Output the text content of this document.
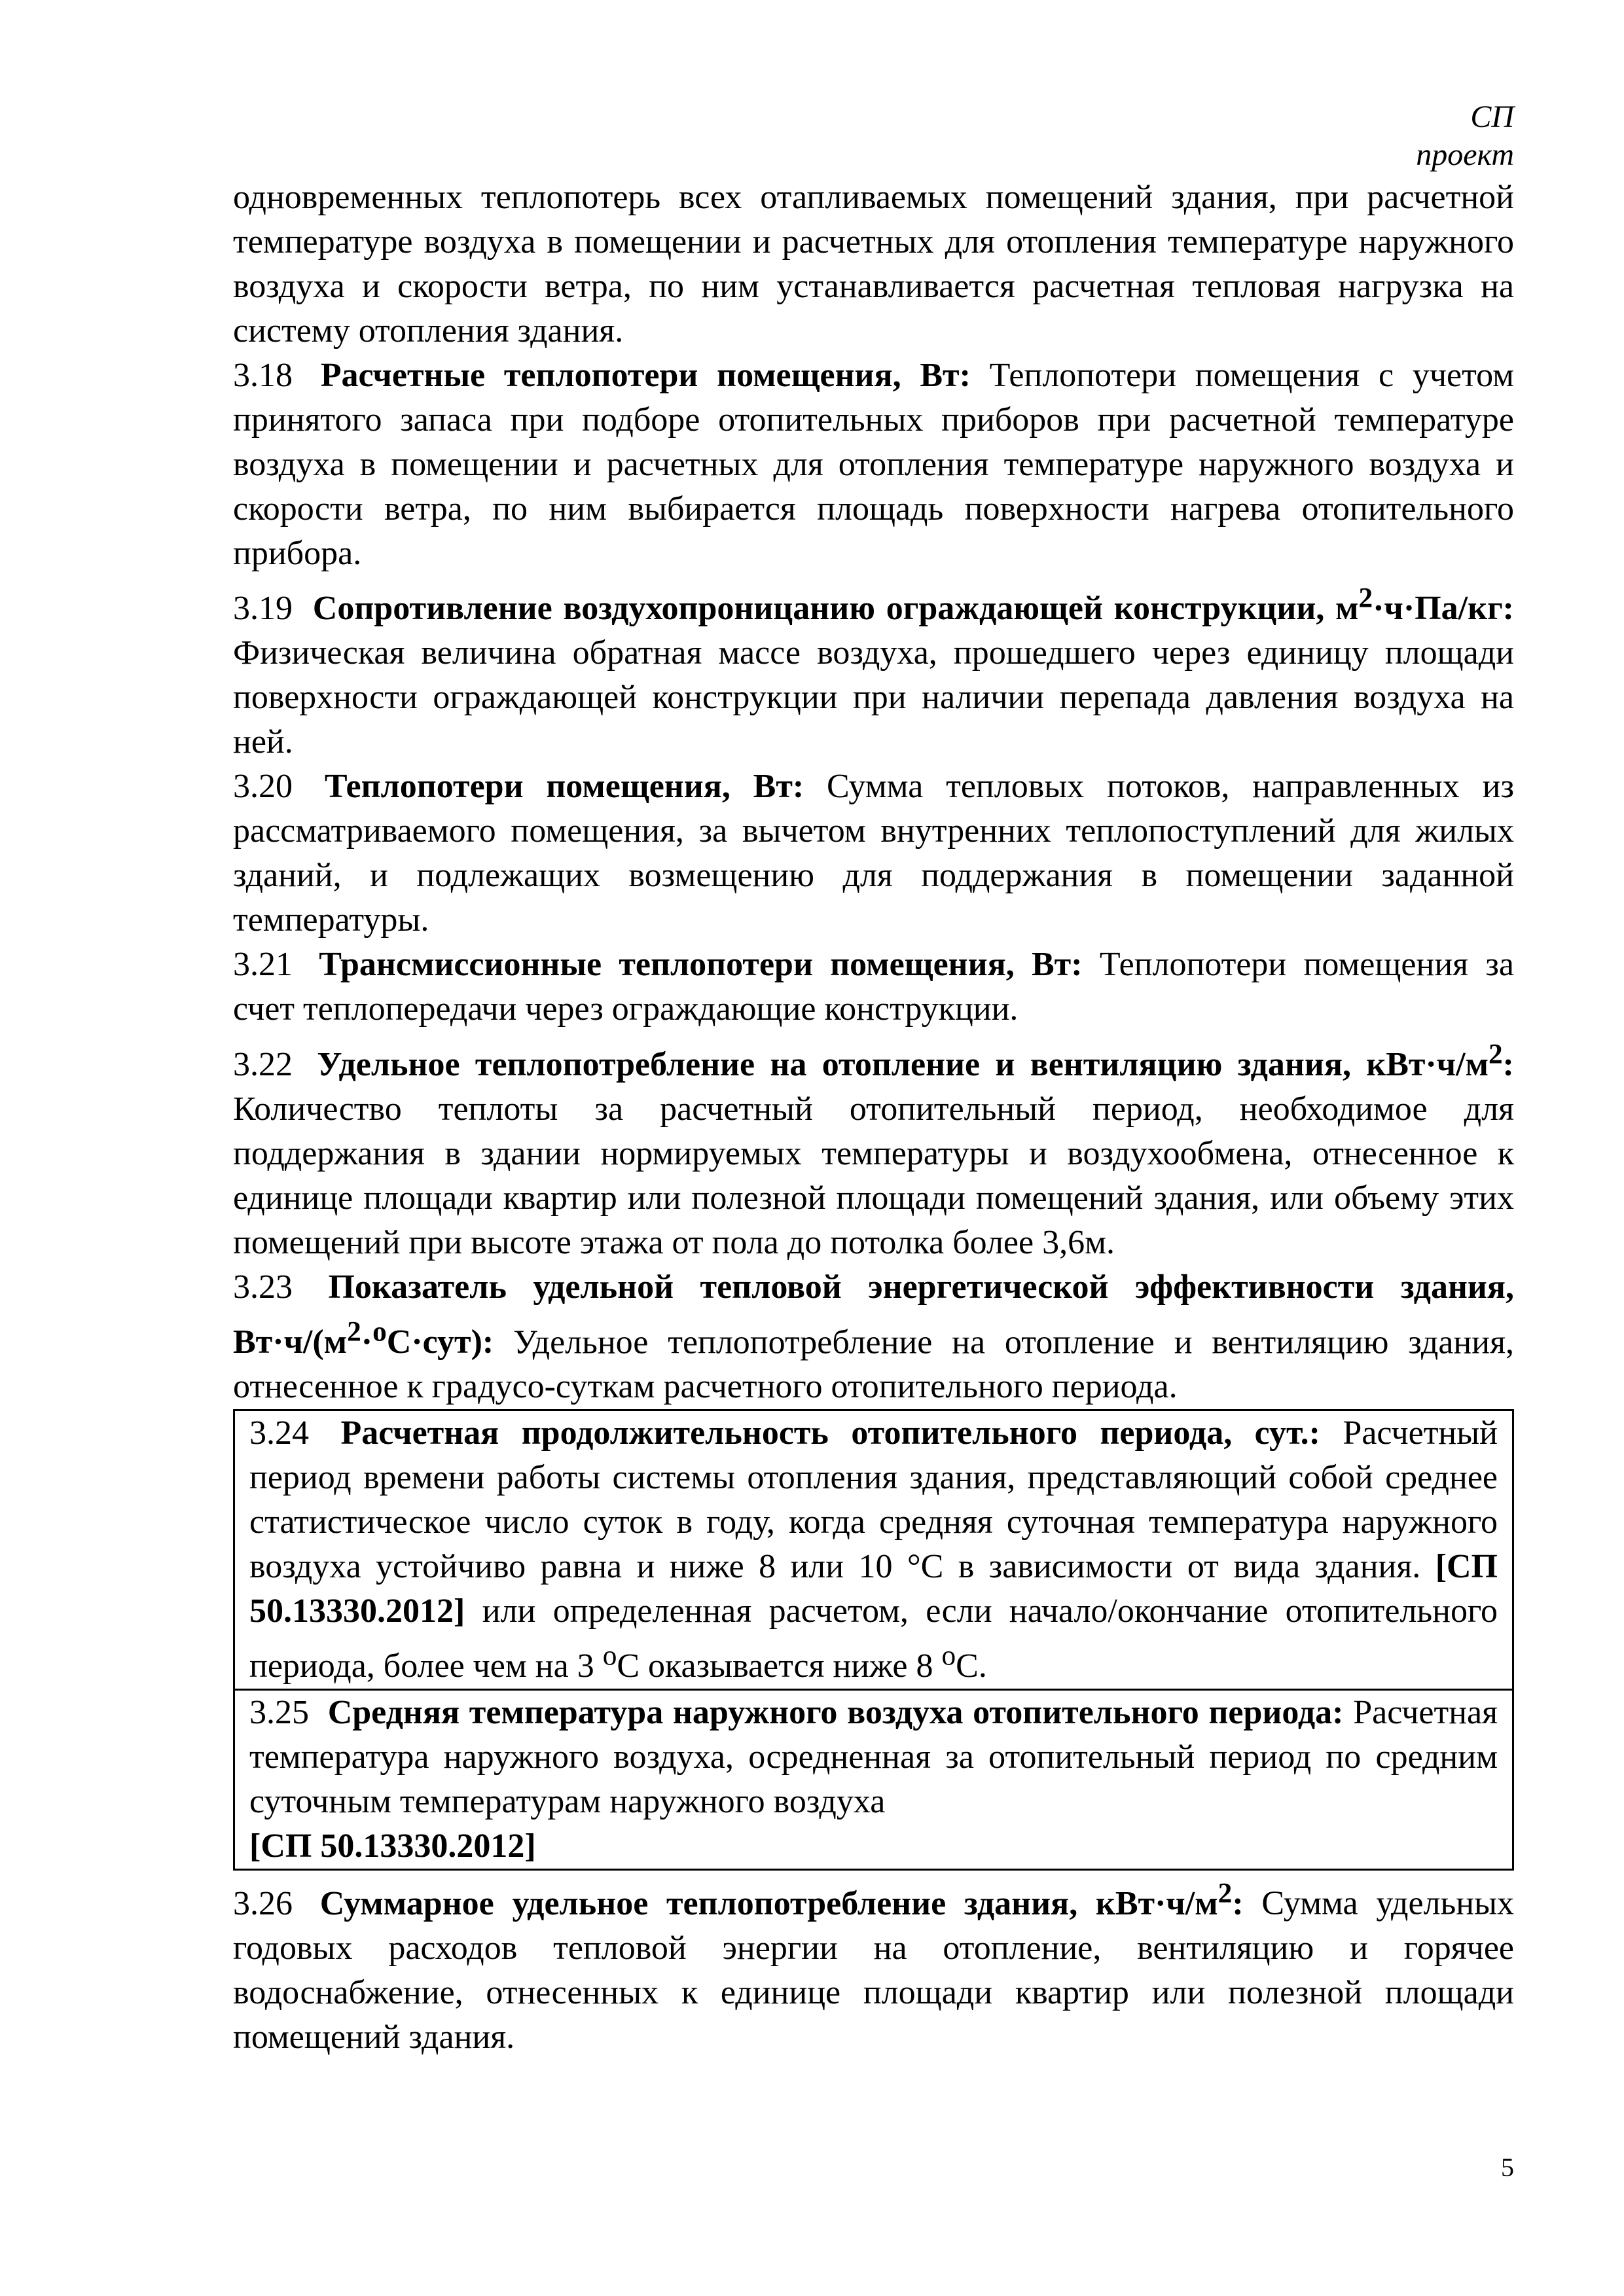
СП
проект

одновременных теплопотерь всех отапливаемых помещений здания, при расчетной температуре воздуха в помещении и расчетных для отопления температуре наружного воздуха и скорости ветра, по ним устанавливается расчетная тепловая нагрузка на систему отопления здания.

3.18 Расчетные теплопотери помещения, Вт: Теплопотери помещения с учетом принятого запаса при подборе отопительных приборов при расчетной температуре воздуха в помещении и расчетных для отопления температуре наружного воздуха и скорости ветра, по ним выбирается площадь поверхности нагрева отопительного прибора.

3.19 Сопротивление воздухопроницанию ограждающей конструкции, $м^2\cdot ч\cdot Па/кг$: Физическая величина обратная массе воздуха, прошедшего через единицу площади поверхности ограждающей конструкции при наличии перепада давления воздуха на ней.

3.20 Теплопотери помещения, Вт: Сумма тепловых потоков, направленных из рассматриваемого помещения, за вычетом внутренних теплопоступлений для жилых зданий, и подлежащих возмещению для поддержания в помещении заданной температуры.

3.21 Трансмиссионные теплопотери помещения, Вт: Теплопотери помещения за счет теплопередачи через ограждающие конструкции.

3.22 Удельное теплопотребление на отопление и вентиляцию здания, $кВт\cdot ч/м^2$: Количество теплоты за расчетный отопительный период, необходимое для поддержания в здании нормируемых температуры и воздухообмена, отнесенное к единице площади квартир или полезной площади помещений здания, или объему этих помещений при высоте этажа от пола до потолка более 3,6м.

3.23 Показатель удельной тепловой энергетической эффективности здания, $Вт\cdot ч/(м^2\cdot^oС\cdot сут)$: Удельное теплопотребление на отопление и вентиляцию здания, отнесенное к градусо-суткам расчетного отопительного периода.

3.24 Расчетная продолжительность отопительного периода, сут.: Расчетный период времени работы системы отопления здания, представляющий собой среднее статистическое число суток в году, когда средняя суточная температура наружного воздуха устойчиво равна и ниже 8 или 10 °С в зависимости от вида здания. [СП 50.13330.2012] или определенная расчетом, если начало/окончание отопительного периода, более чем на 3 $^o$С оказывается ниже 8 $^o$С.

3.25 Средняя температура наружного воздуха отопительного периода: Расчетная температура наружного воздуха, осредненная за отопительный период по средним суточным температурам наружного воздуха
[СП 50.13330.2012]

3.26 Суммарное удельное теплопотребление здания, $кВт\cdot ч/м^2$: Сумма удельных годовых расходов тепловой энергии на отопление, вентиляцию и горячее водоснабжение, отнесенных к единице площади квартир или полезной площади помещений здания.

5
